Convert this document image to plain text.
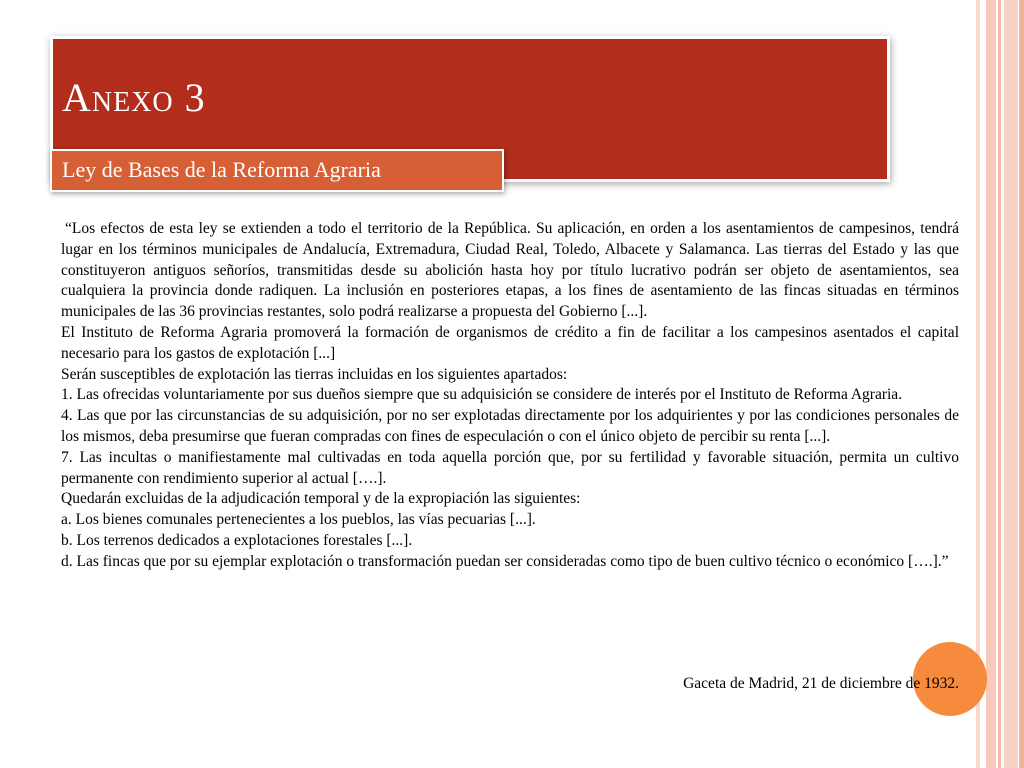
Anexo 3
Ley de Bases de la Reforma Agraria

“Los efectos de esta ley se extienden a todo el territorio de la República. Su aplicación, en orden a los asentamientos de campesinos, tendrá lugar en los términos municipales de Andalucía, Extremadura, Ciudad Real, Toledo, Albacete y Salamanca. Las tierras del Estado y las que constituyeron antiguos señoríos, transmitidas desde su abolición hasta hoy por título lucrativo podrán ser objeto de asentamientos, sea cualquiera la provincia donde radiquen. La inclusión en posteriores etapas, a los fines de asentamiento de las fincas situadas en términos municipales de las 36 provincias restantes, solo podrá realizarse a propuesta del Gobierno [...].

El Instituto de Reforma Agraria promoverá la formación de organismos de crédito a fin de facilitar a los campesinos asentados el capital necesario para los gastos de explotación [...]

Serán susceptibles de explotación las tierras incluidas en los siguientes apartados:

1. Las ofrecidas voluntariamente por sus dueños siempre que su adquisición se considere de interés por el Instituto de Reforma Agraria.

4. Las que por las circunstancias de su adquisición, por no ser explotadas directamente por los adquirientes y por las condiciones personales de los mismos, deba presumirse que fueran compradas con fines de especulación o con el único objeto de percibir su renta [...].

7. Las incultas o manifiestamente mal cultivadas en toda aquella porción que, por su fertilidad y favorable situación, permita un cultivo permanente con rendimiento superior al actual [….].

Quedarán excluidas de la adjudicación temporal y de la expropiación las siguientes:

a. Los bienes comunales pertenecientes a los pueblos, las vías pecuarias [...].

b. Los terrenos dedicados a explotaciones forestales [...].

d. Las fincas que por su ejemplar explotación o transformación puedan ser consideradas como tipo de buen cultivo técnico o económico [….].”

Gaceta de Madrid, 21 de diciembre de 1932.
